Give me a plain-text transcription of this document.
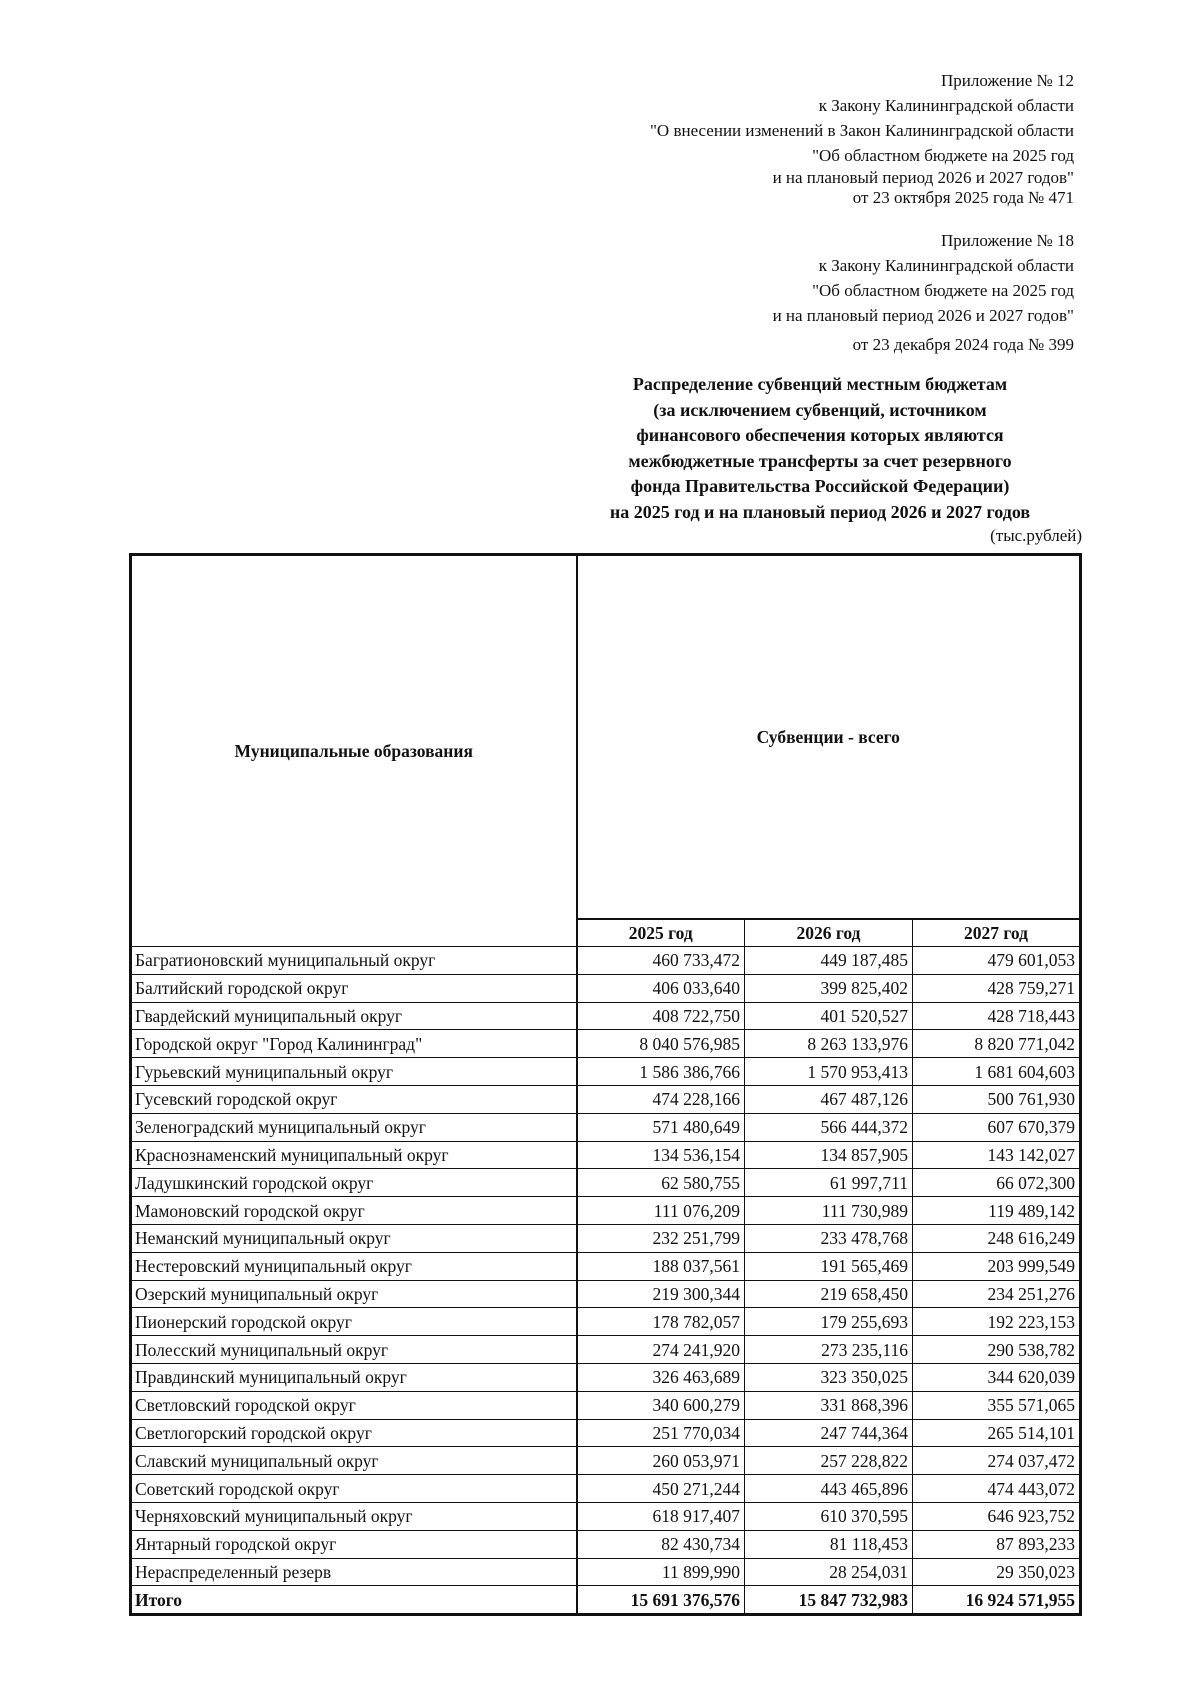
Приложение № 12
к Закону Калининградской области
"О внесении изменений в Закон Калининградской области
"Об областном бюджете на 2025 год
и на плановый период 2026 и 2027 годов"
от 23 октября 2025 года № 471
Приложение № 18
к Закону Калининградской области
"Об областном бюджете на 2025 год
и на плановый период 2026 и 2027 годов"
от 23 декабря 2024 года № 399
Распределение субвенций местным бюджетам
(за исключением субвенций, источником
финансового обеспечения которых являются
межбюджетные трансферты за счет резервного
фонда Правительства Российской Федерации)
на 2025 год и на плановый период 2026 и 2027 годов
(тыс.рублей)
Муниципальные образования	Субвенции - всего		
	2025 год	2026 год	2027 год
Багратионовский муниципальный округ	460 733,472	449 187,485	479 601,053
Балтийский городской округ	406 033,640	399 825,402	428 759,271
Гвардейский муниципальный округ	408 722,750	401 520,527	428 718,443
Городской округ "Город Калининград"	8 040 576,985	8 263 133,976	8 820 771,042
Гурьевский муниципальный округ	1 586 386,766	1 570 953,413	1 681 604,603
Гусевский городской округ	474 228,166	467 487,126	500 761,930
Зеленоградский муниципальный округ	571 480,649	566 444,372	607 670,379
Краснознаменский муниципальный округ	134 536,154	134 857,905	143 142,027
Ладушкинский городской округ	62 580,755	61 997,711	66 072,300
Мамоновский городской округ	111 076,209	111 730,989	119 489,142
Неманский муниципальный округ	232 251,799	233 478,768	248 616,249
Нестеровский муниципальный округ	188 037,561	191 565,469	203 999,549
Озерский муниципальный округ	219 300,344	219 658,450	234 251,276
Пионерский городской округ	178 782,057	179 255,693	192 223,153
Полесский муниципальный округ	274 241,920	273 235,116	290 538,782
Правдинский муниципальный округ	326 463,689	323 350,025	344 620,039
Светловский городской округ	340 600,279	331 868,396	355 571,065
Светлогорский городской округ	251 770,034	247 744,364	265 514,101
Славский муниципальный округ	260 053,971	257 228,822	274 037,472
Советский городской округ	450 271,244	443 465,896	474 443,072
Черняховский муниципальный округ	618 917,407	610 370,595	646 923,752
Янтарный городской округ	82 430,734	81 118,453	87 893,233
Нераспределенный резерв	11 899,990	28 254,031	29 350,023
Итого	15 691 376,576	15 847 732,983	16 924 571,955
